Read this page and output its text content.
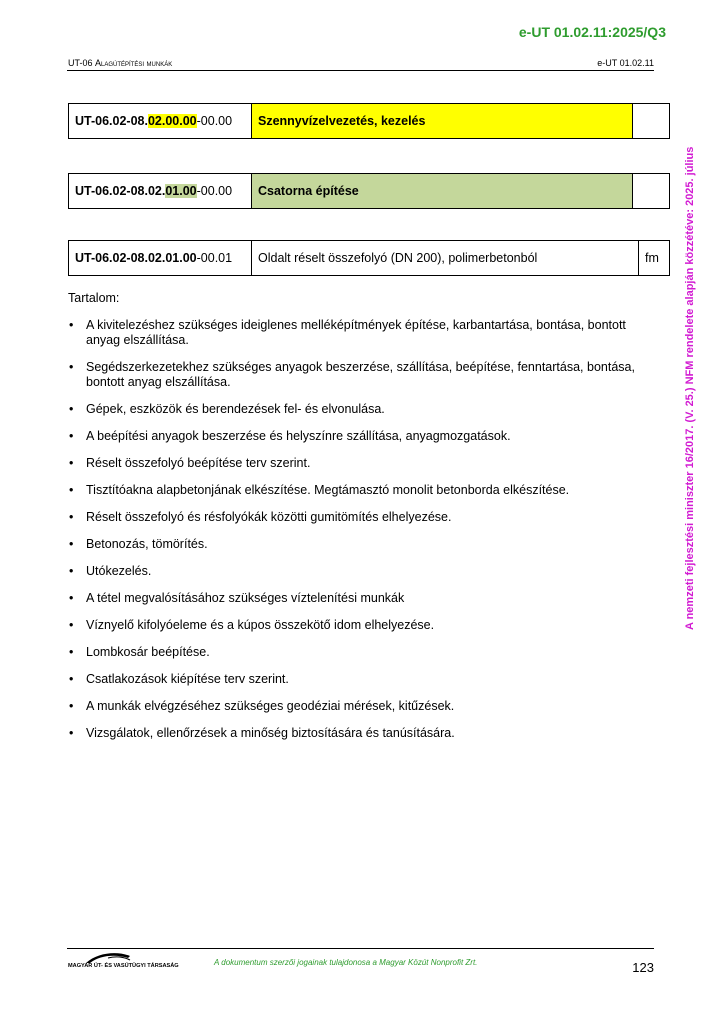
e-UT 01.02.11:2025/Q3
UT-06 Alagútépítési munkák	e-UT 01.02.11
A nemzeti fejlesztési miniszter 16/2017. (V. 25.) NFM rendelete alapján közzétéve: 2025. július
UT-06.02-08.02.00.00-00.00	Szennyvízelvezetés, kezelés	
UT-06.02-08.02.01.00-00.00	Csatorna építése	
UT-06.02-08.02.01.00-00.01	Oldalt réselt összefolyó (DN 200), polimerbetonból	fm
Tartalom:
• A kivitelezéshez szükséges ideiglenes melléképítmények építése, karbantartása, bontása, bontott anyag elszállítása.
• Segédszerkezetekhez szükséges anyagok beszerzése, szállítása, beépítése, fenntartása, bontása, bontott anyag elszállítása.
• Gépek, eszközök és berendezések fel- és elvonulása.
• A beépítési anyagok beszerzése és helyszínre szállítása, anyagmozgatások.
• Réselt összefolyó beépítése terv szerint.
• Tisztítóakna alapbetonjának elkészítése. Megtámasztó monolit betonborda elkészítése.
• Réselt összefolyó és résfolyókák közötti gumitömítés elhelyezése.
• Betonozás, tömörítés.
• Utókezelés.
• A tétel megvalósításához szükséges víztelenítési munkák
• Víznyelő kifolyóeleme és a kúpos összekötő idom elhelyezése.
• Lombkosár beépítése.
• Csatlakozások kiépítése terv szerint.
• A munkák elvégzéséhez szükséges geodéziai mérések, kitűzések.
• Vizsgálatok, ellenőrzések a minőség biztosítására és tanúsítására.
MAGYAR ÚT- ÉS VASÚTÜGYI TÁRSASÁG	A dokumentum szerzői jogainak tulajdonosa a Magyar Közút Nonprofit Zrt.	123
